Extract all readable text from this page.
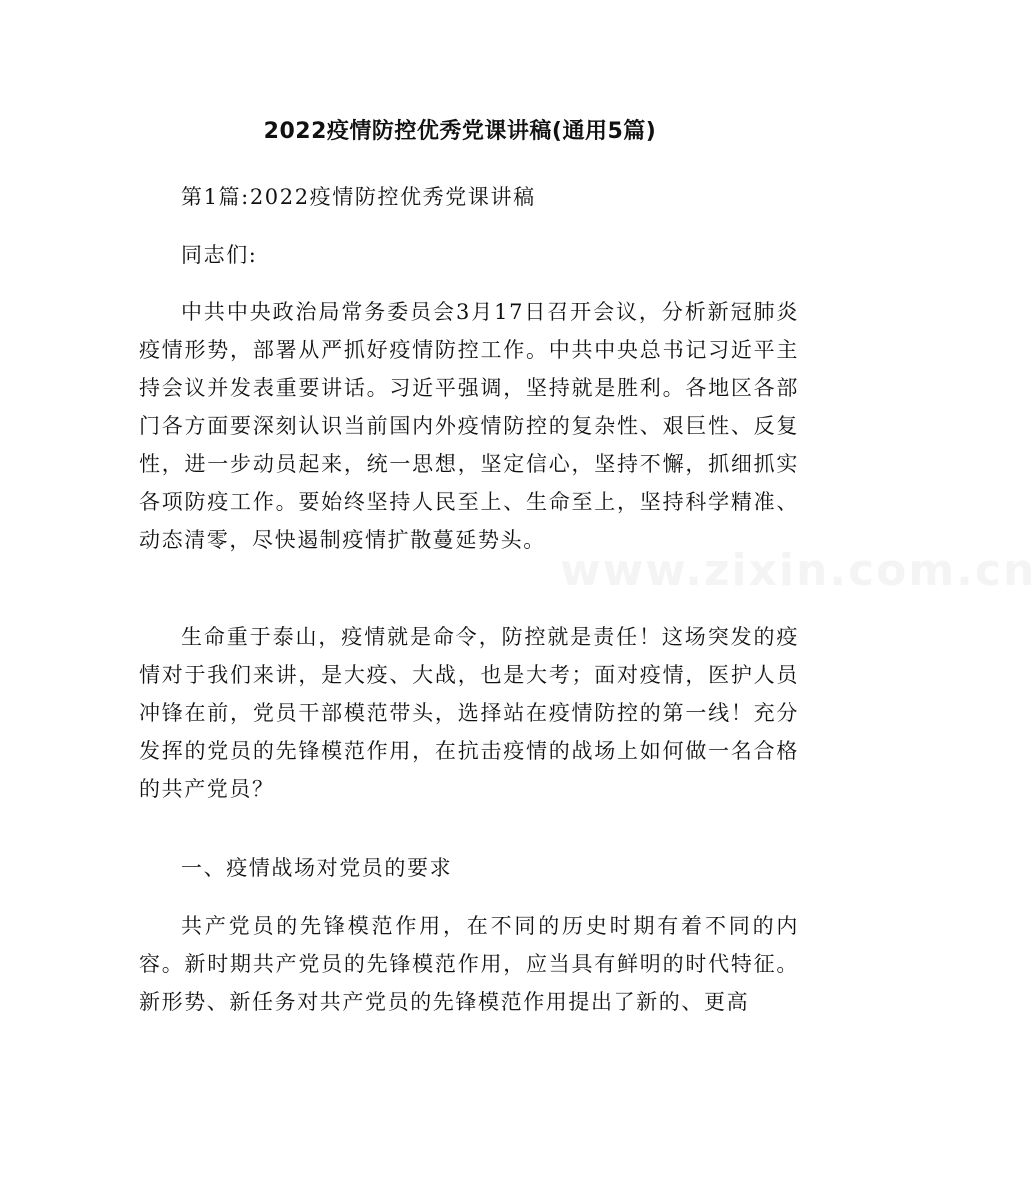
2022疫情防控优秀党课讲稿(通用5篇)

第1篇:2022疫情防控优秀党课讲稿

同志们:

中共中央政治局常务委员会3月17日召开会议，分析新冠肺炎疫情形势，部署从严抓好疫情防控工作。中共中央总书记习近平主持会议并发表重要讲话。习近平强调，坚持就是胜利。各地区各部门各方面要深刻认识当前国内外疫情防控的复杂性、艰巨性、反复性，进一步动员起来，统一思想，坚定信心，坚持不懈，抓细抓实各项防疫工作。要始终坚持人民至上、生命至上，坚持科学精准、动态清零，尽快遏制疫情扩散蔓延势头。

生命重于泰山，疫情就是命令，防控就是责任！这场突发的疫情对于我们来讲，是大疫、大战，也是大考；面对疫情，医护人员冲锋在前，党员干部模范带头，选择站在疫情防控的第一线！充分发挥的党员的先锋模范作用，在抗击疫情的战场上如何做一名合格的共产党员？

一、疫情战场对党员的要求

共产党员的先锋模范作用，在不同的历史时期有着不同的内容。新时期共产党员的先锋模范作用，应当具有鲜明的时代特征。新形势、新任务对共产党员的先锋模范作用提出了新的、更高

www.zixin.com.cn
